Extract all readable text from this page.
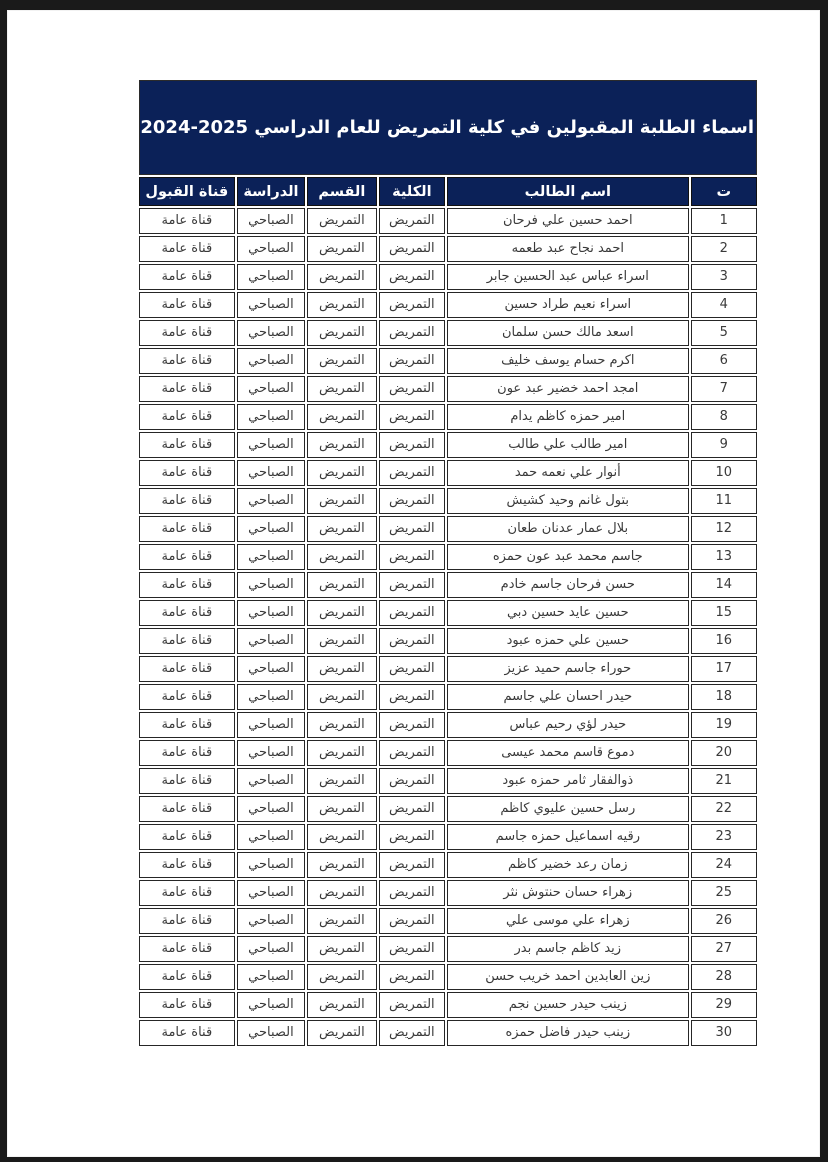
اسماء الطلبة المقبولين في كلية التمريض للعام الدراسي 2025-2024					
ت	اسم الطالب	الكلية	القسم	الدراسة	قناة القبول
1	احمد حسين علي فرحان	التمريض	التمريض	الصباحي	قناة عامة
2	احمد نجاح عبد طعمه	التمريض	التمريض	الصباحي	قناة عامة
3	اسراء عباس عبد الحسين جابر	التمريض	التمريض	الصباحي	قناة عامة
4	اسراء نعيم طراد حسين	التمريض	التمريض	الصباحي	قناة عامة
5	اسعد مالك حسن سلمان	التمريض	التمريض	الصباحي	قناة عامة
6	اكرم حسام يوسف خليف	التمريض	التمريض	الصباحي	قناة عامة
7	امجد احمد خضير عبد عون	التمريض	التمريض	الصباحي	قناة عامة
8	امير حمزه كاظم يدام	التمريض	التمريض	الصباحي	قناة عامة
9	امير طالب علي طالب	التمريض	التمريض	الصباحي	قناة عامة
10	أنوار علي نعمه حمد	التمريض	التمريض	الصباحي	قناة عامة
11	بتول غانم وحيد كشيش	التمريض	التمريض	الصباحي	قناة عامة
12	بلال عمار عدنان طعان	التمريض	التمريض	الصباحي	قناة عامة
13	جاسم محمد عبد عون حمزه	التمريض	التمريض	الصباحي	قناة عامة
14	حسن فرحان جاسم خادم	التمريض	التمريض	الصباحي	قناة عامة
15	حسين عايد حسين دبي	التمريض	التمريض	الصباحي	قناة عامة
16	حسين علي حمزه عبود	التمريض	التمريض	الصباحي	قناة عامة
17	حوراء جاسم حميد عزيز	التمريض	التمريض	الصباحي	قناة عامة
18	حيدر احسان علي جاسم	التمريض	التمريض	الصباحي	قناة عامة
19	حيدر لؤي رحيم عباس	التمريض	التمريض	الصباحي	قناة عامة
20	دموع قاسم محمد عيسى	التمريض	التمريض	الصباحي	قناة عامة
21	ذوالفقار ثامر حمزه عبود	التمريض	التمريض	الصباحي	قناة عامة
22	رسل حسين عليوي كاظم	التمريض	التمريض	الصباحي	قناة عامة
23	رقيه اسماعيل حمزه جاسم	التمريض	التمريض	الصباحي	قناة عامة
24	زمان رعد خضير كاظم	التمريض	التمريض	الصباحي	قناة عامة
25	زهراء حسان حنتوش نثر	التمريض	التمريض	الصباحي	قناة عامة
26	زهراء علي موسى علي	التمريض	التمريض	الصباحي	قناة عامة
27	زيد كاظم جاسم بدر	التمريض	التمريض	الصباحي	قناة عامة
28	زين العابدين احمد خريب حسن	التمريض	التمريض	الصباحي	قناة عامة
29	زينب حيدر حسين نجم	التمريض	التمريض	الصباحي	قناة عامة
30	زينب حيدر فاضل حمزه	التمريض	التمريض	الصباحي	قناة عامة
